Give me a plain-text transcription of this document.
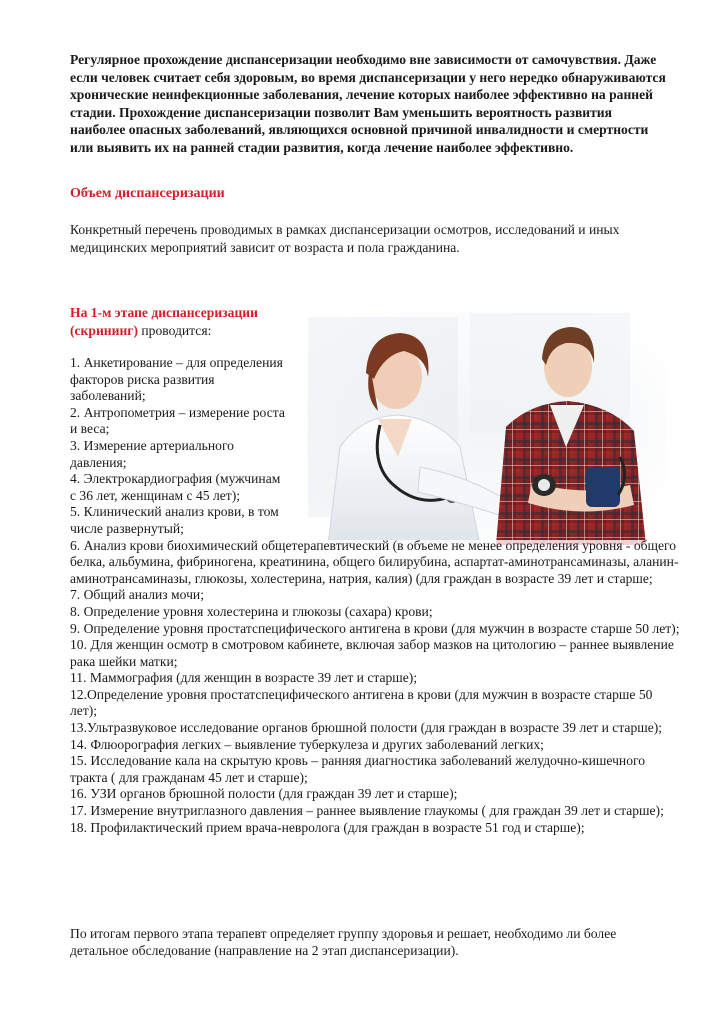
Регулярное прохождение диспансеризации необходимо вне зависимости от самочувствия. Даже если человек считает себя здоровым, во время диспансеризации у него нередко обнаруживаются хронические неинфекционные заболевания, лечение которых наиболее эффективно на ранней стадии. Прохождение диспансеризации позволит Вам уменьшить вероятность развития наиболее опасных заболеваний, являющихся основной причиной инвалидности и смертности или выявить их на ранней стадии развития, когда лечение наиболее эффективно.

Объем диспансеризации

Конкретный перечень проводимых в рамках диспансеризации осмотров, исследований и иных медицинских мероприятий зависит от возраста и пола гражданина.

На 1-м этапе диспансеризации (скрининг) проводится:

1. Анкетирование – для определения факторов риска развития заболеваний;
2. Антропометрия – измерение роста и веса;
3. Измерение артериального давления;
4. Электрокардиография (мужчинам с 36 лет, женщинам с 45 лет);
5. Клинический анализ крови, в том числе развернутый;
6. Анализ крови биохимический общетерапевтический (в объеме не менее определения уровня - общего белка, альбумина, фибриногена, креатинина, общего билирубина, аспартат-аминотрансаминазы, аланин-аминотрансаминазы, глюкозы, холестерина, натрия, калия) (для граждан в возрасте 39 лет и старше;
7. Общий анализ мочи;
8. Определение уровня холестерина и глюкозы (сахара) крови;
9. Определение уровня простатспецифического антигена в крови (для мужчин в возрасте старше 50 лет);
10. Для женщин осмотр в смотровом кабинете, включая забор мазков на цитологию – раннее выявление рака шейки матки;
11. Маммография (для женщин в возрасте 39 лет и старше);
12.Определение уровня простатспецифического антигена в крови (для мужчин в возрасте старше 50 лет);
13.Ультразвуковое исследование органов брюшной полости (для граждан в возрасте 39 лет и старше);
14. Флюорография легких – выявление туберкулеза и других заболеваний легких;
15. Исследование кала на скрытую кровь – ранняя диагностика заболеваний желудочно-кишечного тракта ( для гражданам 45 лет и старше);
16. УЗИ органов брюшной полости (для граждан 39 лет и старше);
17. Измерение внутриглазного давления – раннее выявление глаукомы ( для граждан 39 лет и старше);
18. Профилактический прием врача-невролога (для граждан в возрасте 51 год и старше);

По итогам первого этапа терапевт определяет группу здоровья и решает, необходимо ли более детальное обследование (направление на 2 этап диспансеризации).
